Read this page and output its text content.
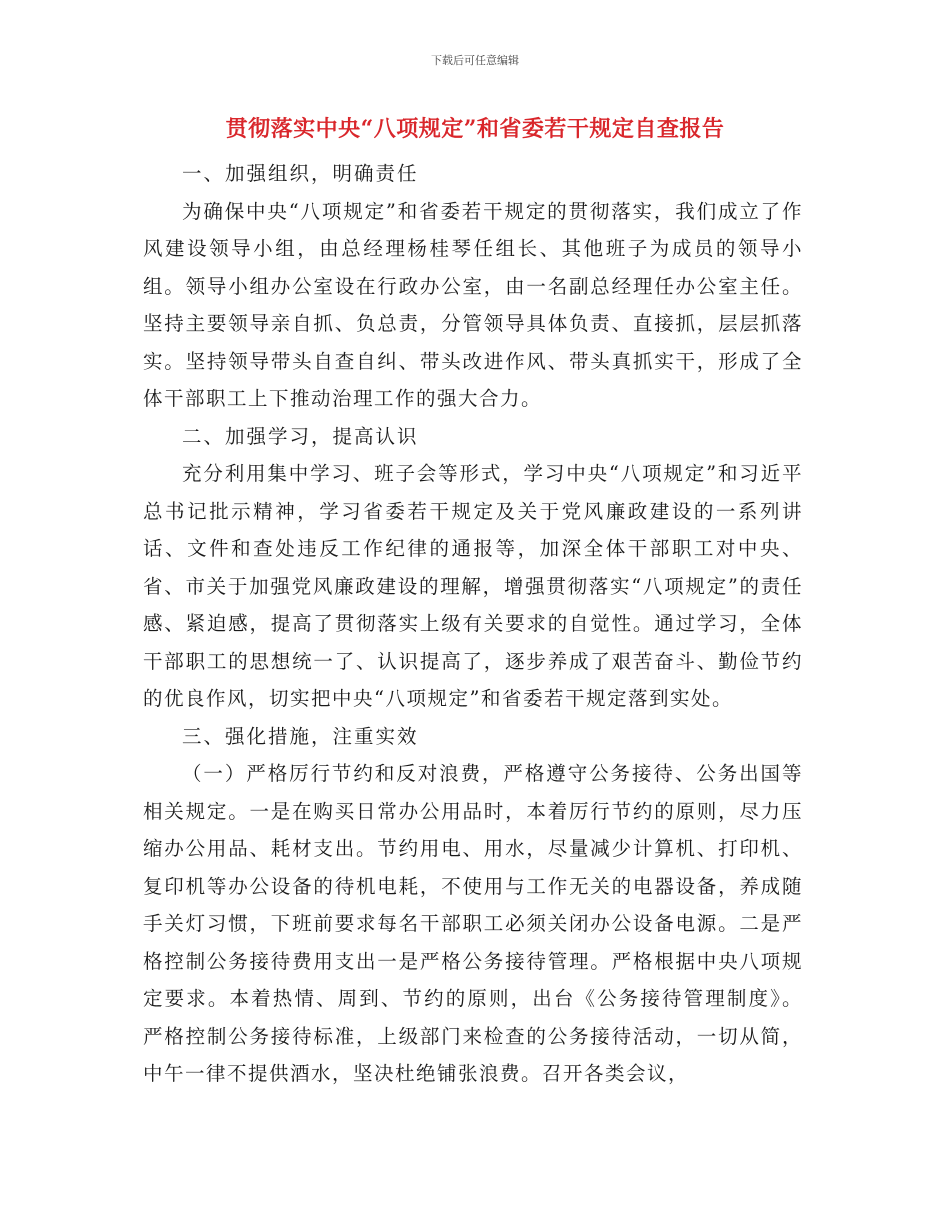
下载后可任意编辑
贯彻落实中央“八项规定”和省委若干规定自查报告

一、加强组织，明确责任

为确保中央“八项规定”和省委若干规定的贯彻落实，我们成立了作风建设领导小组，由总经理杨桂琴任组长、其他班子为成员的领导小组。领导小组办公室设在行政办公室，由一名副总经理任办公室主任。坚持主要领导亲自抓、负总责，分管领导具体负责、直接抓，层层抓落实。坚持领导带头自查自纠、带头改进作风、带头真抓实干，形成了全体干部职工上下推动治理工作的强大合力。

二、加强学习，提高认识

充分利用集中学习、班子会等形式，学习中央“八项规定”和习近平总书记批示精神，学习省委若干规定及关于党风廉政建设的一系列讲话、文件和查处违反工作纪律的通报等，加深全体干部职工对中央、省、市关于加强党风廉政建设的理解，增强贯彻落实“八项规定”的责任感、紧迫感，提高了贯彻落实上级有关要求的自觉性。通过学习，全体干部职工的思想统一了、认识提高了，逐步养成了艰苦奋斗、勤俭节约的优良作风，切实把中央“八项规定”和省委若干规定落到实处。

三、强化措施，注重实效

（一）严格厉行节约和反对浪费，严格遵守公务接待、公务出国等相关规定。一是在购买日常办公用品时，本着厉行节约的原则，尽力压缩办公用品、耗材支出。节约用电、用水，尽量减少计算机、打印机、复印机等办公设备的待机电耗，不使用与工作无关的电器设备，养成随手关灯习惯，下班前要求每名干部职工必须关闭办公设备电源。二是严格控制公务接待费用支出一是严格公务接待管理。严格根据中央八项规定要求。本着热情、周到、节约的原则，出台《公务接待管理制度》。严格控制公务接待标准，上级部门来检查的公务接待活动，一切从简，中午一律不提供酒水，坚决杜绝铺张浪费。召开各类会议，
